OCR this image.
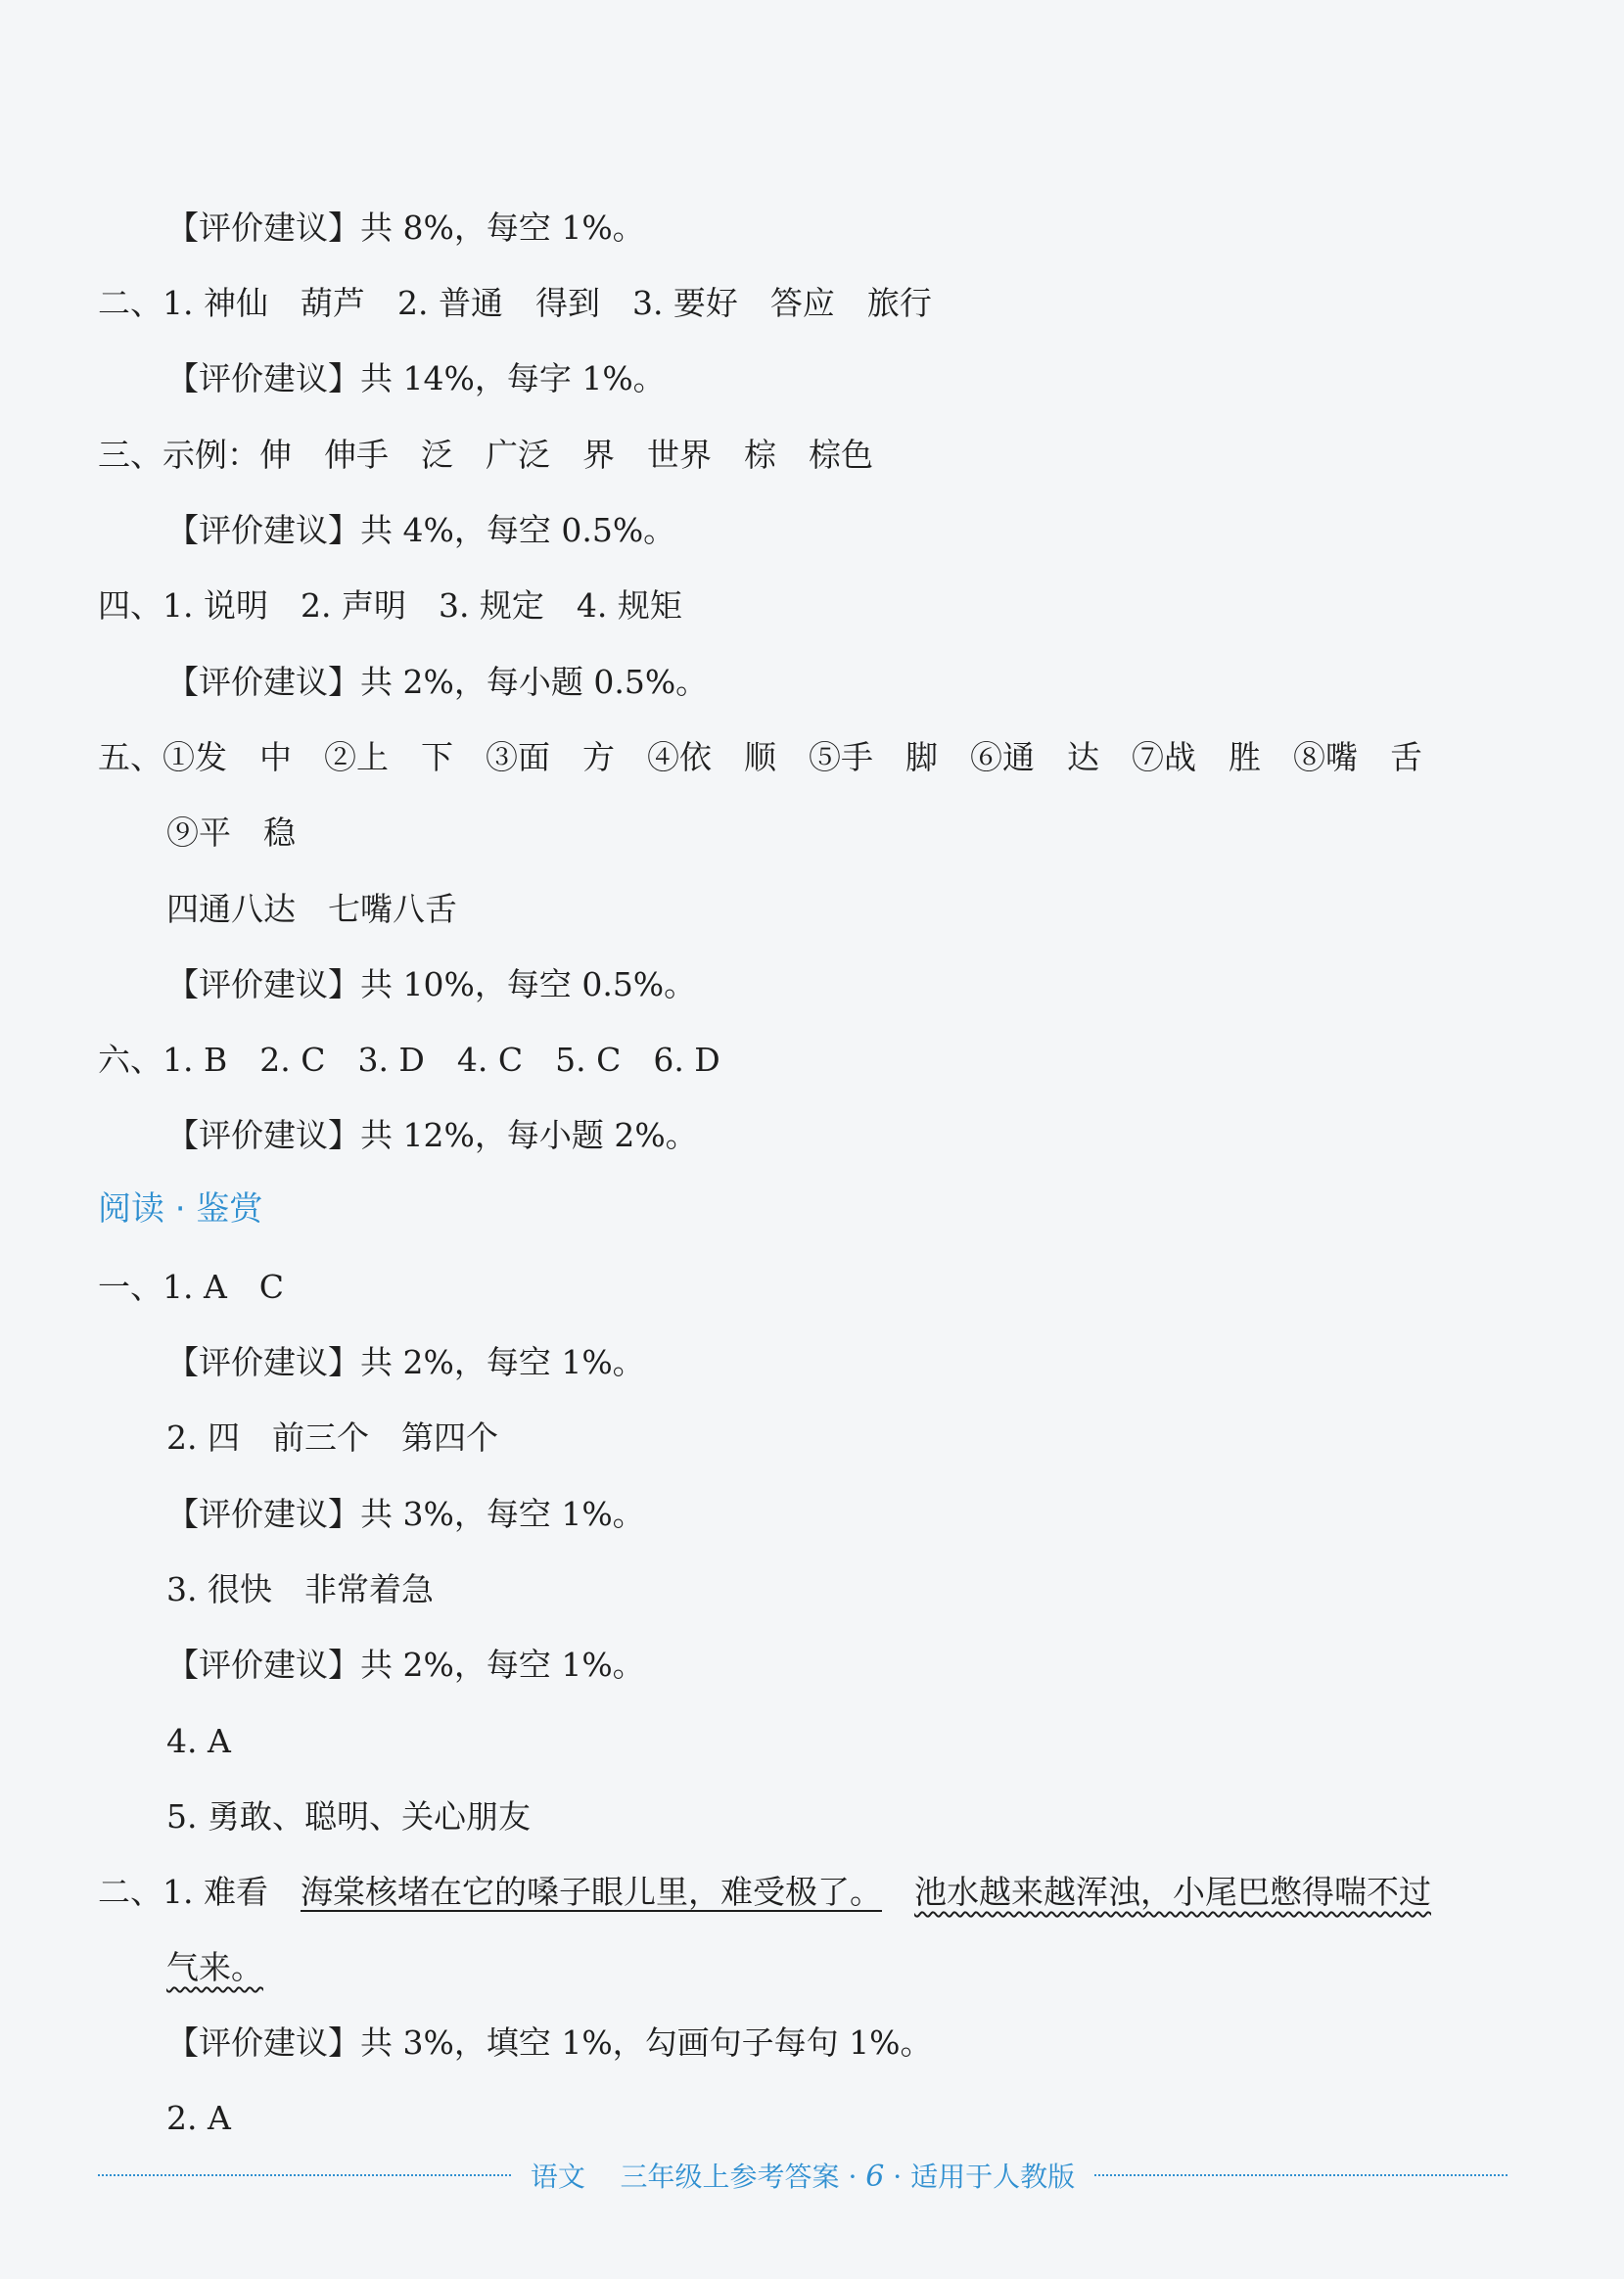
【评价建议】共 8%，每空 1%。
二、1. 神仙　葫芦　2. 普通　得到　3. 要好　答应　旅行
【评价建议】共 14%，每字 1%。
三、示例：伸　伸手　泛　广泛　界　世界　棕　棕色
【评价建议】共 4%，每空 0.5%。
四、1. 说明　2. 声明　3. 规定　4. 规矩
【评价建议】共 2%，每小题 0.5%。
五、①发　中　②上　下　③面　方　④依　顺　⑤手　脚　⑥通　达　⑦战　胜　⑧嘴　舌
⑨平　稳
四通八达　七嘴八舌
【评价建议】共 10%，每空 0.5%。
六、1. B　2. C　3. D　4. C　5. C　6. D
【评价建议】共 12%，每小题 2%。
阅读 · 鉴赏
一、1. A　C
【评价建议】共 2%，每空 1%。
2. 四　前三个　第四个
【评价建议】共 3%，每空 1%。
3. 很快　非常着急
【评价建议】共 2%，每空 1%。
4. A
5. 勇敢、聪明、关心朋友
二、1. 难看　海棠核堵在它的嗓子眼儿里，难受极了。　 池水越来越浑浊，小尾巴憋得喘不过
气来。
【评价建议】共 3%，填空 1%，勾画句子每句 1%。
2. A
语文 三年级上参考答案 · 6 · 适用于人教版
